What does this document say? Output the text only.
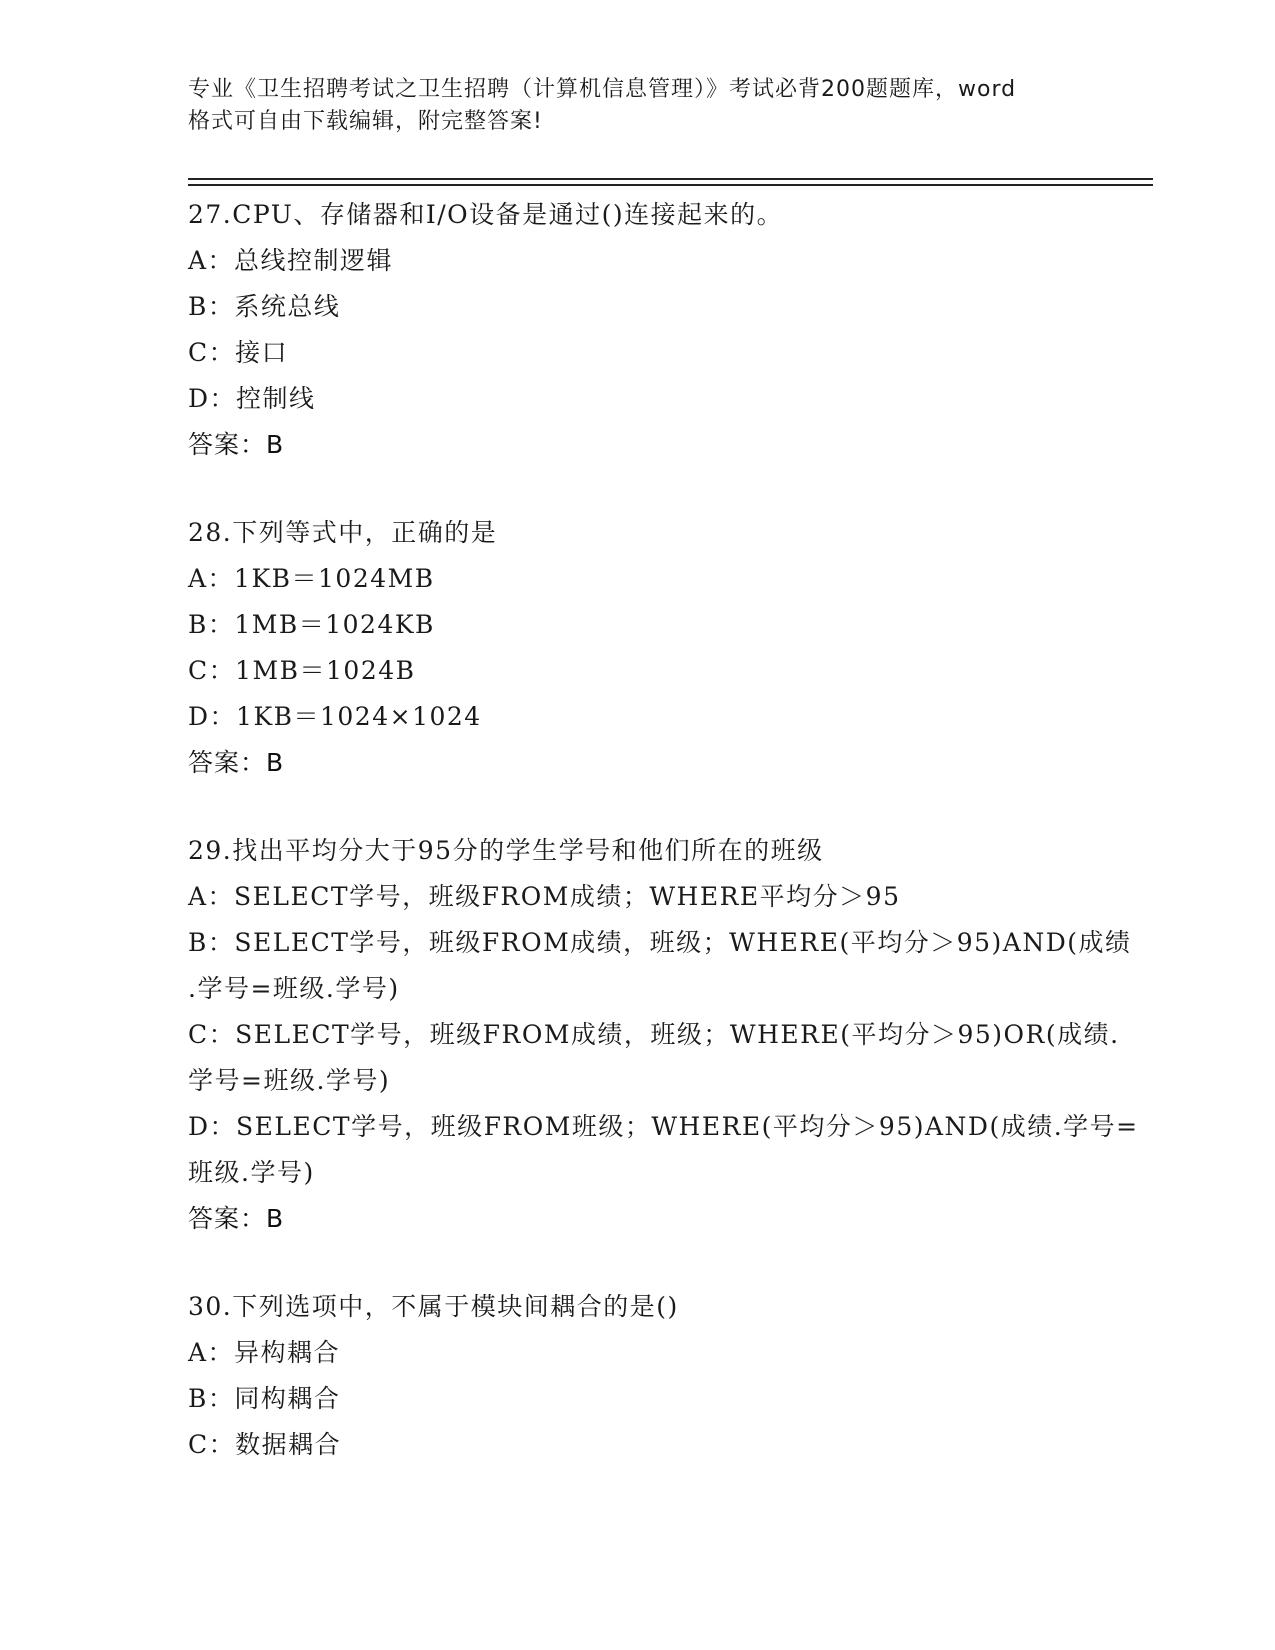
专业《卫生招聘考试之卫生招聘（计算机信息管理）》考试必背200题题库，word
格式可自由下载编辑，附完整答案!
27.CPU、存储器和I/O设备是通过()连接起来的。
A：总线控制逻辑
B：系统总线
C：接口
D：控制线
答案：B
28.下列等式中，正确的是
A：1KB＝1024MB
B：1MB＝1024KB
C：1MB＝1024B
D：1KB＝1024×1024
答案：B
29.找出平均分大于95分的学生学号和他们所在的班级
A：SELECT学号，班级FROM成绩；WHERE平均分＞95
B：SELECT学号，班级FROM成绩，班级；WHERE(平均分＞95)AND(成绩
.学号=班级.学号)
C：SELECT学号，班级FROM成绩，班级；WHERE(平均分＞95)OR(成绩.
学号=班级.学号)
D：SELECT学号，班级FROM班级；WHERE(平均分＞95)AND(成绩.学号=
班级.学号)
答案：B
30.下列选项中，不属于模块间耦合的是()
A：异构耦合
B：同构耦合
C：数据耦合
